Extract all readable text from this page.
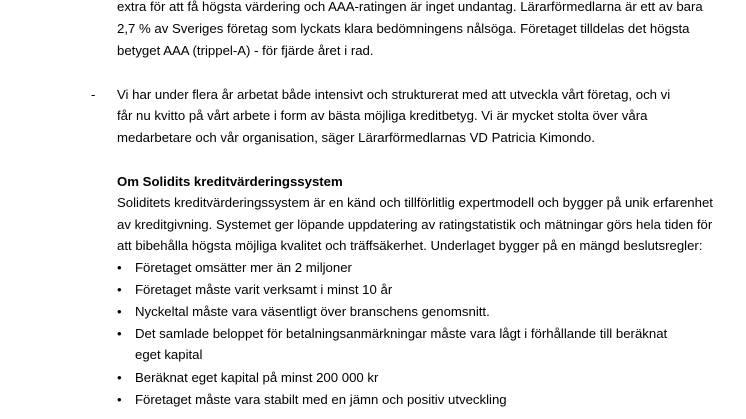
extra för att få högsta värdering och AAA-ratingen är inget undantag. Lärarförmedlarna är ett av bara
2,7 % av Sveriges företag som lyckats klara bedömningens nålsöga. Företaget tilldelas det högsta
betyget AAA (trippel-A) - för fjärde året i rad.
- Vi har under flera år arbetat både intensivt och strukturerat med att utveckla vårt företag, och vi
får nu kvitto på vårt arbete i form av bästa möjliga kreditbetyg. Vi är mycket stolta över våra
medarbetare och vår organisation, säger Lärarförmedlarnas VD Patricia Kimondo.
Om Solidits kreditvärderingssystem
Soliditets kreditvärderingssystem är en känd och tillförlitlig expertmodell och bygger på unik erfarenhet
av kreditgivning. Systemet ger löpande uppdatering av ratingstatistik och mätningar görs hela tiden för
att bibehålla högsta möjliga kvalitet och träffsäkerhet. Underlaget bygger på en mängd beslutsregler:
• Företaget omsätter mer än 2 miljoner
• Företaget måste varit verksamt i minst 10 år
• Nyckeltal måste vara väsentligt över branschens genomsnitt.
• Det samlade beloppet för betalningsanmärkningar måste vara lågt i förhållande till beräknat
eget kapital
• Beräknat eget kapital på minst 200 000 kr
• Företaget måste vara stabilt med en jämn och positiv utveckling
